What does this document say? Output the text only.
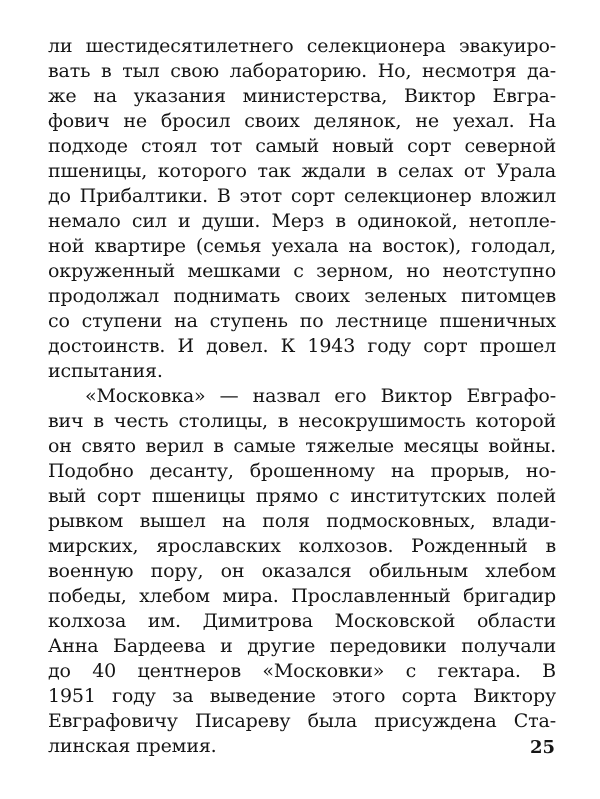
ли шестидесятилетнего селекционера эвакуиро-
вать в тыл свою лабораторию. Но, несмотря да-
же на указания министерства, Виктор Евгра-
фович не бросил своих делянок, не уехал. На
подходе стоял тот самый новый сорт северной
пшеницы, которого так ждали в селах от Урала
до Прибалтики. В этот сорт селекционер вложил
немало сил и души. Мерз в одинокой, нетопле-
ной квартире (семья уехала на восток), голодал,
окруженный мешками с зерном, но неотступно
продолжал поднимать своих зеленых питомцев
со ступени на ступень по лестнице пшеничных
достоинств. И довел. К 1943 году сорт прошел
испытания.
«Московка» — назвал его Виктор Евграфо-
вич в честь столицы, в несокрушимость которой
он свято верил в самые тяжелые месяцы войны.
Подобно десанту, брошенному на прорыв, но-
вый сорт пшеницы прямо с институтских полей
рывком вышел на поля подмосковных, влади-
мирских, ярославских колхозов. Рожденный в
военную пору, он оказался обильным хлебом
победы, хлебом мира. Прославленный бригадир
колхоза им. Димитрова Московской области
Анна Бардеева и другие передовики получали
до 40 центнеров «Московки» с гектара. В
1951 году за выведение этого сорта Виктору
Евграфовичу Писареву была присуждена Ста-
линская премия.	25
